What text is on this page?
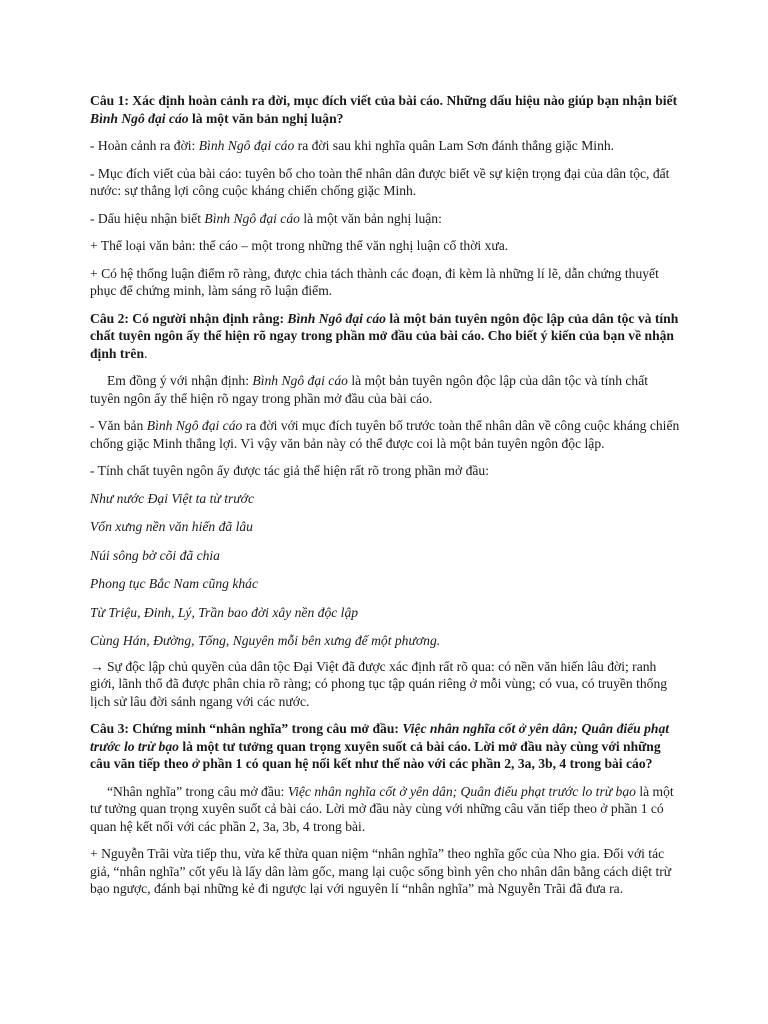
Câu 1: Xác định hoàn cảnh ra đời, mục đích viết của bài cáo. Những dấu hiệu nào giúp bạn nhận biết Bình Ngô đại cáo là một văn bản nghị luận?

- Hoàn cảnh ra đời: Bình Ngô đại cáo ra đời sau khi nghĩa quân Lam Sơn đánh thắng giặc Minh.

- Mục đích viết của bài cáo: tuyên bố cho toàn thể nhân dân được biết về sự kiện trọng đại của dân tộc, đất nước: sự thắng lợi công cuộc kháng chiến chống giặc Minh.

- Dấu hiệu nhận biết Bình Ngô đại cáo là một văn bản nghị luận:

+ Thể loại văn bản: thể cáo – một trong những thể văn nghị luận cổ thời xưa.

+ Có hệ thống luận điểm rõ ràng, được chia tách thành các đoạn, đi kèm là những lí lẽ, dẫn chứng thuyết phục để chứng minh, làm sáng rõ luận điểm.

Câu 2: Có người nhận định rằng: Bình Ngô đại cáo là một bản tuyên ngôn độc lập của dân tộc và tính chất tuyên ngôn ấy thể hiện rõ ngay trong phần mở đầu của bài cáo. Cho biết ý kiến của bạn về nhận định trên.

Em đồng ý với nhận định: Bình Ngô đại cáo là một bản tuyên ngôn độc lập của dân tộc và tính chất tuyên ngôn ấy thể hiện rõ ngay trong phần mở đầu của bài cáo.

- Văn bản Bình Ngô đại cáo ra đời với mục đích tuyên bố trước toàn thể nhân dân về công cuộc kháng chiến chống giặc Minh thắng lợi. Vì vậy văn bản này có thể được coi là một bản tuyên ngôn độc lập.

- Tính chất tuyên ngôn ấy được tác giả thể hiện rất rõ trong phần mở đầu:

Như nước Đại Việt ta từ trước

Vốn xưng nền văn hiến đã lâu

Núi sông bờ cõi đã chia

Phong tục Bắc Nam cũng khác

Từ Triệu, Đinh, Lý, Trần bao đời xây nền độc lập

Cùng Hán, Đường, Tống, Nguyên mỗi bên xưng đế một phương.

→ Sự độc lập chủ quyền của dân tộc Đại Việt đã được xác định rất rõ qua: có nền văn hiến lâu đời; ranh giới, lãnh thổ đã được phân chia rõ ràng; có phong tục tập quán riêng ở mỗi vùng; có vua, có truyền thống lịch sử lâu đời sánh ngang với các nước.

Câu 3: Chứng minh “nhân nghĩa” trong câu mở đầu: Việc nhân nghĩa cốt ở yên dân; Quân điếu phạt trước lo trừ bạo là một tư tưởng quan trọng xuyên suốt cả bài cáo. Lời mở đầu này cùng với những câu văn tiếp theo ở phần 1 có quan hệ nối kết như thế nào với các phần 2, 3a, 3b, 4 trong bài cáo?

“Nhân nghĩa” trong câu mở đầu: Việc nhân nghĩa cốt ở yên dân; Quân điếu phạt trước lo trừ bạo là một tư tưởng quan trọng xuyên suốt cả bài cáo. Lời mở đầu này cùng với những câu văn tiếp theo ở phần 1 có quan hệ kết nối với các phần 2, 3a, 3b, 4 trong bài.

+ Nguyễn Trãi vừa tiếp thu, vừa kế thừa quan niệm “nhân nghĩa” theo nghĩa gốc của Nho gia. Đối với tác giả, “nhân nghĩa” cốt yếu là lấy dân làm gốc, mang lại cuộc sống bình yên cho nhân dân bằng cách diệt trừ bạo ngược, đánh bại những kẻ đi ngược lại với nguyên lí “nhân nghĩa” mà Nguyễn Trãi đã đưa ra.
